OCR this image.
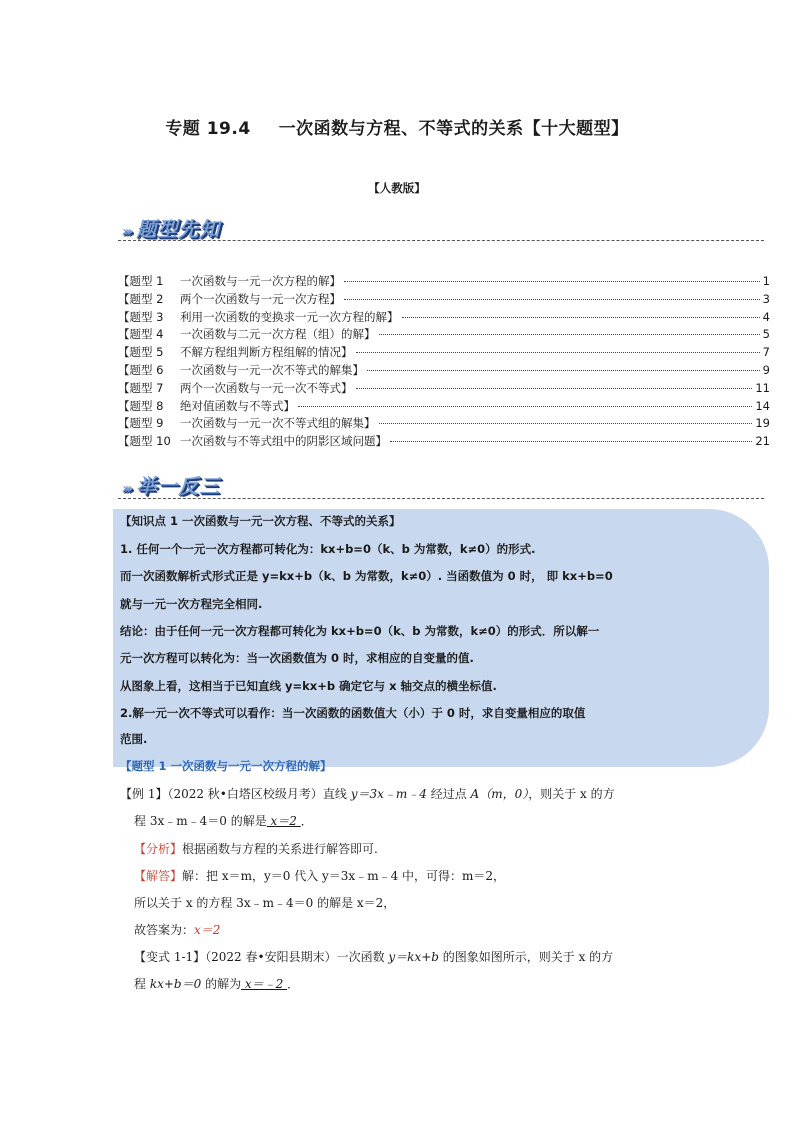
专题 19.4 一次函数与方程、不等式的关系【十大题型】
【人教版】
››› 题型先知
【题型 1 一次函数与一元一次方程的解】	1
【题型 2 两个一次函数与一元一次方程】	3
【题型 3 利用一次函数的变换求一元一次方程的解】	4
【题型 4 一次函数与二元一次方程（组）的解】	5
【题型 5 不解方程组判断方程组解的情况】	7
【题型 6 一次函数与一元一次不等式的解集】	9
【题型 7 两个一次函数与一元一次不等式】	11
【题型 8 绝对值函数与不等式】	14
【题型 9 一次函数与一元一次不等式组的解集】	19
【题型 10 一次函数与不等式组中的阴影区域问题】	21
››› 举一反三
【知识点 1 一次函数与一元一次方程、不等式的关系】
1. 任何一个一元一次方程都可转化为：kx+b=0（k、b 为常数，k≠0）的形式.
而一次函数解析式形式正是 y=kx+b（k、b 为常数，k≠0）. 当函数值为 0 时， 即 kx+b=0
就与一元一次方程完全相同.
结论：由于任何一元一次方程都可转化为 kx+b=0（k、b 为常数，k≠0）的形式．所以解一
元一次方程可以转化为：当一次函数值为 0 时，求相应的自变量的值.
从图象上看，这相当于已知直线 y=kx+b 确定它与 x 轴交点的横坐标值.
2.解一元一次不等式可以看作：当一次函数的函数值大（小）于 0 时，求自变量相应的取值
范围.
【题型 1 一次函数与一元一次方程的解】
【例 1】（2022 秋•白塔区校级月考）直线 y＝3x﹣m﹣4 经过点 A（m，0），则关于 x 的方
程 3x﹣m﹣4＝0 的解是 x＝2 ．
【分析】根据函数与方程的关系进行解答即可.
【解答】解：把 x＝m，y＝0 代入 y＝3x﹣m﹣4 中，可得：m＝2，
所以关于 x 的方程 3x﹣m﹣4＝0 的解是 x＝2，
故答案为：x＝2
【变式 1-1】（2022 春•安阳县期末）一次函数 y＝kx+b 的图象如图所示，则关于 x 的方
程 kx+b＝0 的解为 x＝﹣2 ．
